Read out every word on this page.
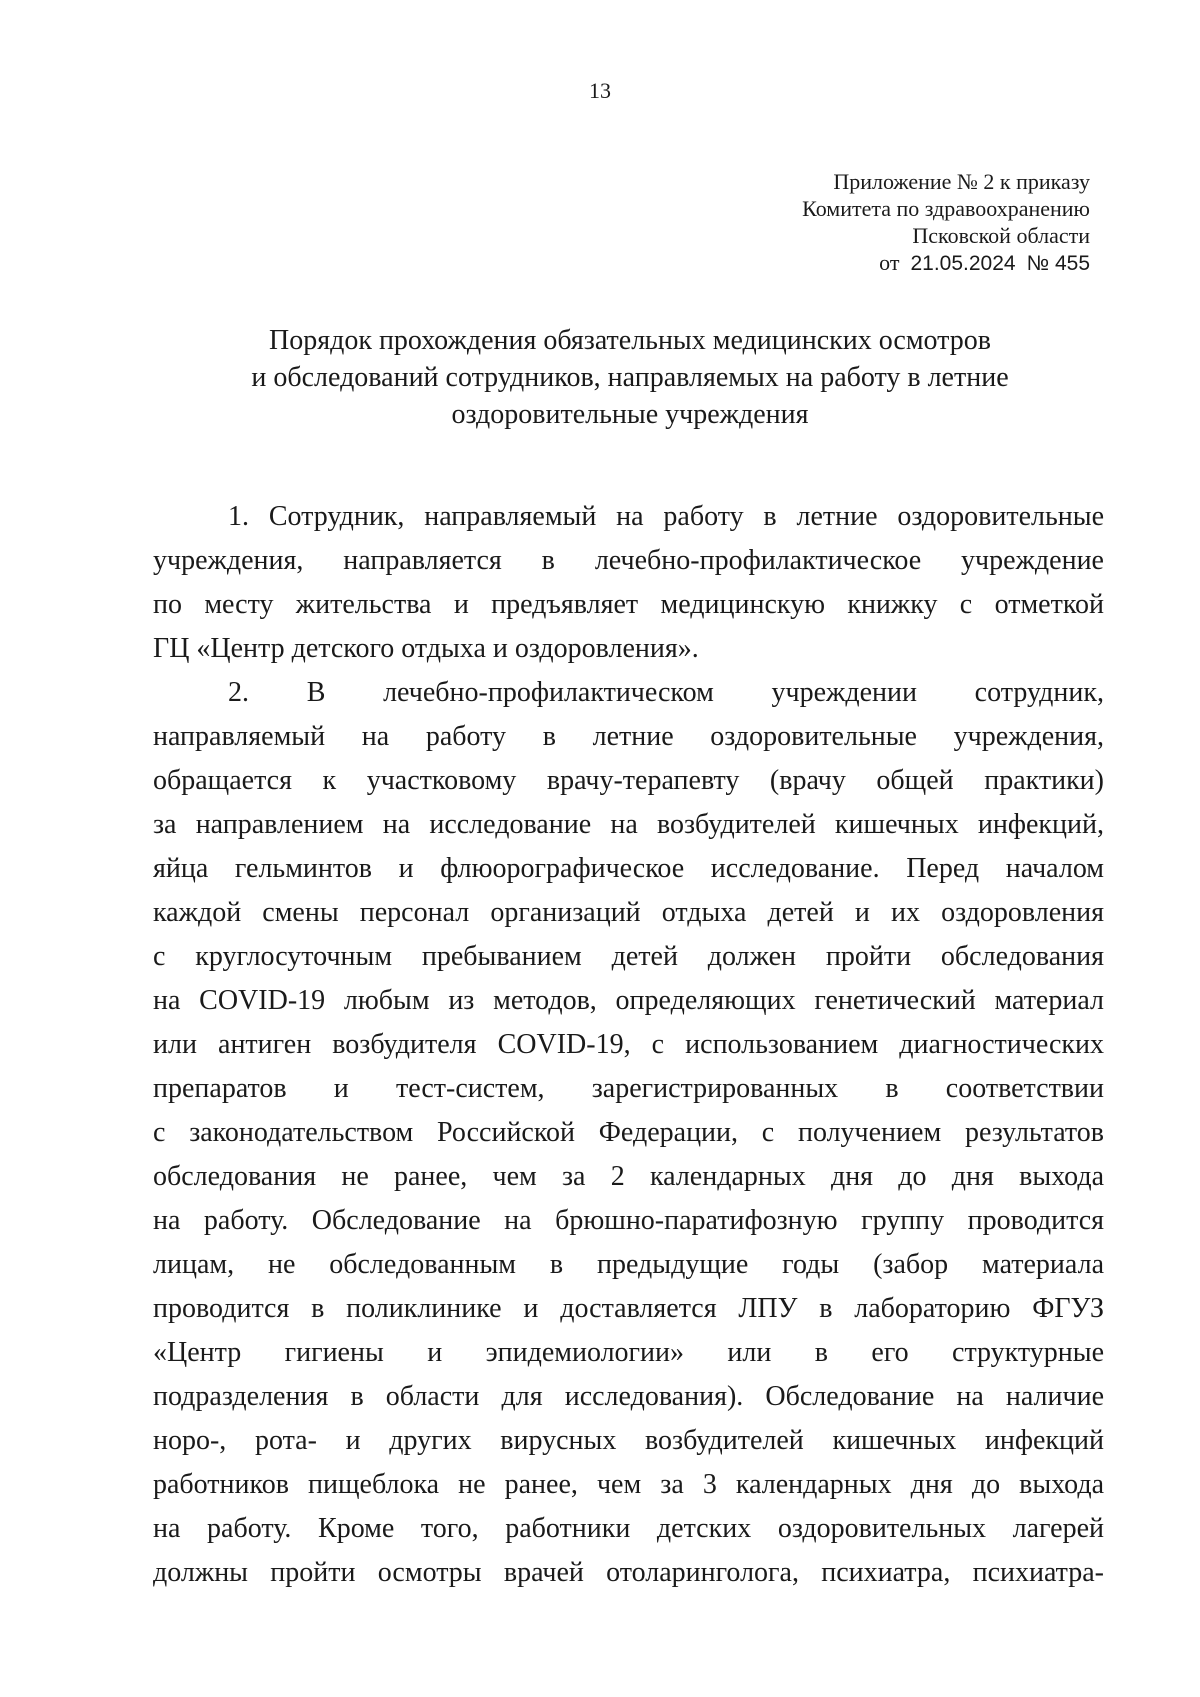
13
Приложение № 2 к приказу
Комитета по здравоохранению
Псковской области
от 21.05.2024 № 455
Порядок прохождения обязательных медицинских осмотров
и обследований сотрудников, направляемых на работу в летние
оздоровительные учреждения
1. Сотрудник, направляемый на работу в летние оздоровительные
учреждения, направляется в лечебно-профилактическое учреждение
по месту жительства и предъявляет медицинскую книжку с отметкой
ГЦ «Центр детского отдыха и оздоровления».
2. В лечебно-профилактическом учреждении сотрудник,
направляемый на работу в летние оздоровительные учреждения,
обращается к участковому врачу-терапевту (врачу общей практики)
за направлением на исследование на возбудителей кишечных инфекций,
яйца гельминтов и флюорографическое исследование. Перед началом
каждой смены персонал организаций отдыха детей и их оздоровления
с круглосуточным пребыванием детей должен пройти обследования
на COVID-19 любым из методов, определяющих генетический материал
или антиген возбудителя COVID-19, с использованием диагностических
препаратов и тест-систем, зарегистрированных в соответствии
с законодательством Российской Федерации, с получением результатов
обследования не ранее, чем за 2 календарных дня до дня выхода
на работу. Обследование на брюшно-паратифозную группу проводится
лицам, не обследованным в предыдущие годы (забор материала
проводится в поликлинике и доставляется ЛПУ в лабораторию ФГУЗ
«Центр гигиены и эпидемиологии» или в его структурные
подразделения в области для исследования). Обследование на наличие
норо-, рота- и других вирусных возбудителей кишечных инфекций
работников пищеблока не ранее, чем за 3 календарных дня до выхода
на работу. Кроме того, работники детских оздоровительных лагерей
должны пройти осмотры врачей отоларинголога, психиатра, психиатра-
